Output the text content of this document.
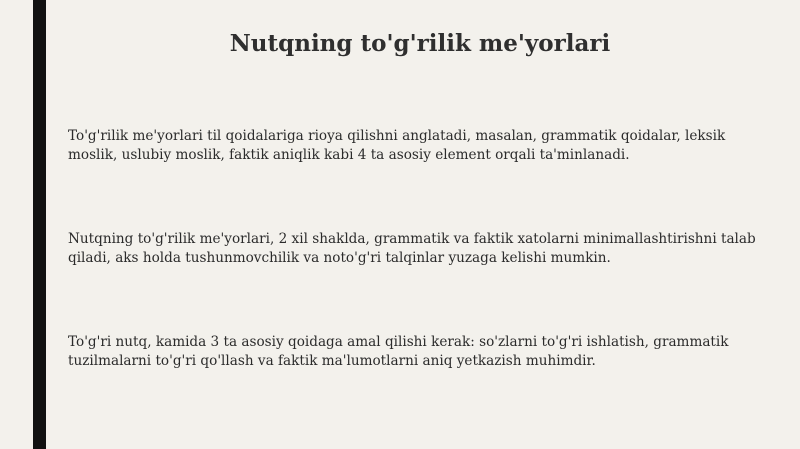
Nutqning to'g'rilik me'yorlari

To'g'rilik me'yorlari til qoidalariga rioya qilishni anglatadi, masalan, grammatik qoidalar, leksik moslik, uslubiy moslik, faktik aniqlik kabi 4 ta asosiy element orqali ta'minlanadi.

Nutqning to'g'rilik me'yorlari, 2 xil shaklda, grammatik va faktik xatolarni minimallashtirishni talab qiladi, aks holda tushunmovchilik va noto'g'ri talqinlar yuzaga kelishi mumkin.

To'g'ri nutq, kamida 3 ta asosiy qoidaga amal qilishi kerak: so'zlarni to'g'ri ishlatish, grammatik tuzilmalarni to'g'ri qo'llash va faktik ma'lumotlarni aniq yetkazish muhimdir.
